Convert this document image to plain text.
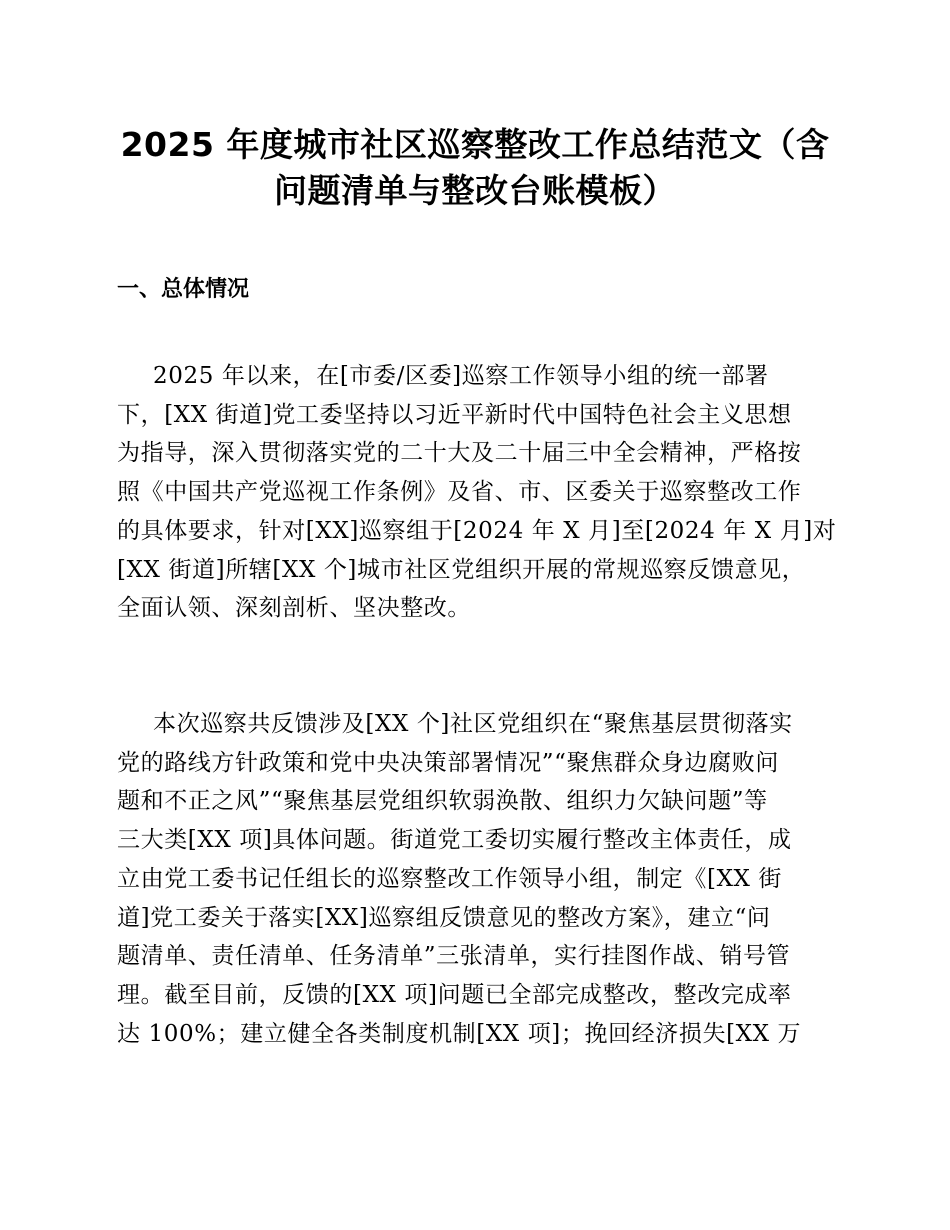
2025 年度城市社区巡察整改工作总结范文（含
问题清单与整改台账模板）
一、总体情况
2025 年以来，在[市委/区委]巡察工作领导小组的统一部署
下，[XX 街道]党工委坚持以习近平新时代中国特色社会主义思想
为指导，深入贯彻落实党的二十大及二十届三中全会精神，严格按
照《中国共产党巡视工作条例》及省、市、区委关于巡察整改工作
的具体要求，针对[XX]巡察组于[2024 年 X 月]至[2024 年 X 月]对
[XX 街道]所辖[XX 个]城市社区党组织开展的常规巡察反馈意见，
全面认领、深刻剖析、坚决整改。
本次巡察共反馈涉及[XX 个]社区党组织在“聚焦基层贯彻落实
党的路线方针政策和党中央决策部署情况”“聚焦群众身边腐败问
题和不正之风”“聚焦基层党组织软弱涣散、组织力欠缺问题”等
三大类[XX 项]具体问题。街道党工委切实履行整改主体责任，成
立由党工委书记任组长的巡察整改工作领导小组，制定《[XX 街
道]党工委关于落实[XX]巡察组反馈意见的整改方案》，建立“问
题清单、责任清单、任务清单”三张清单，实行挂图作战、销号管
理。截至目前，反馈的[XX 项]问题已全部完成整改，整改完成率
达 100%；建立健全各类制度机制[XX 项]；挽回经济损失[XX 万
